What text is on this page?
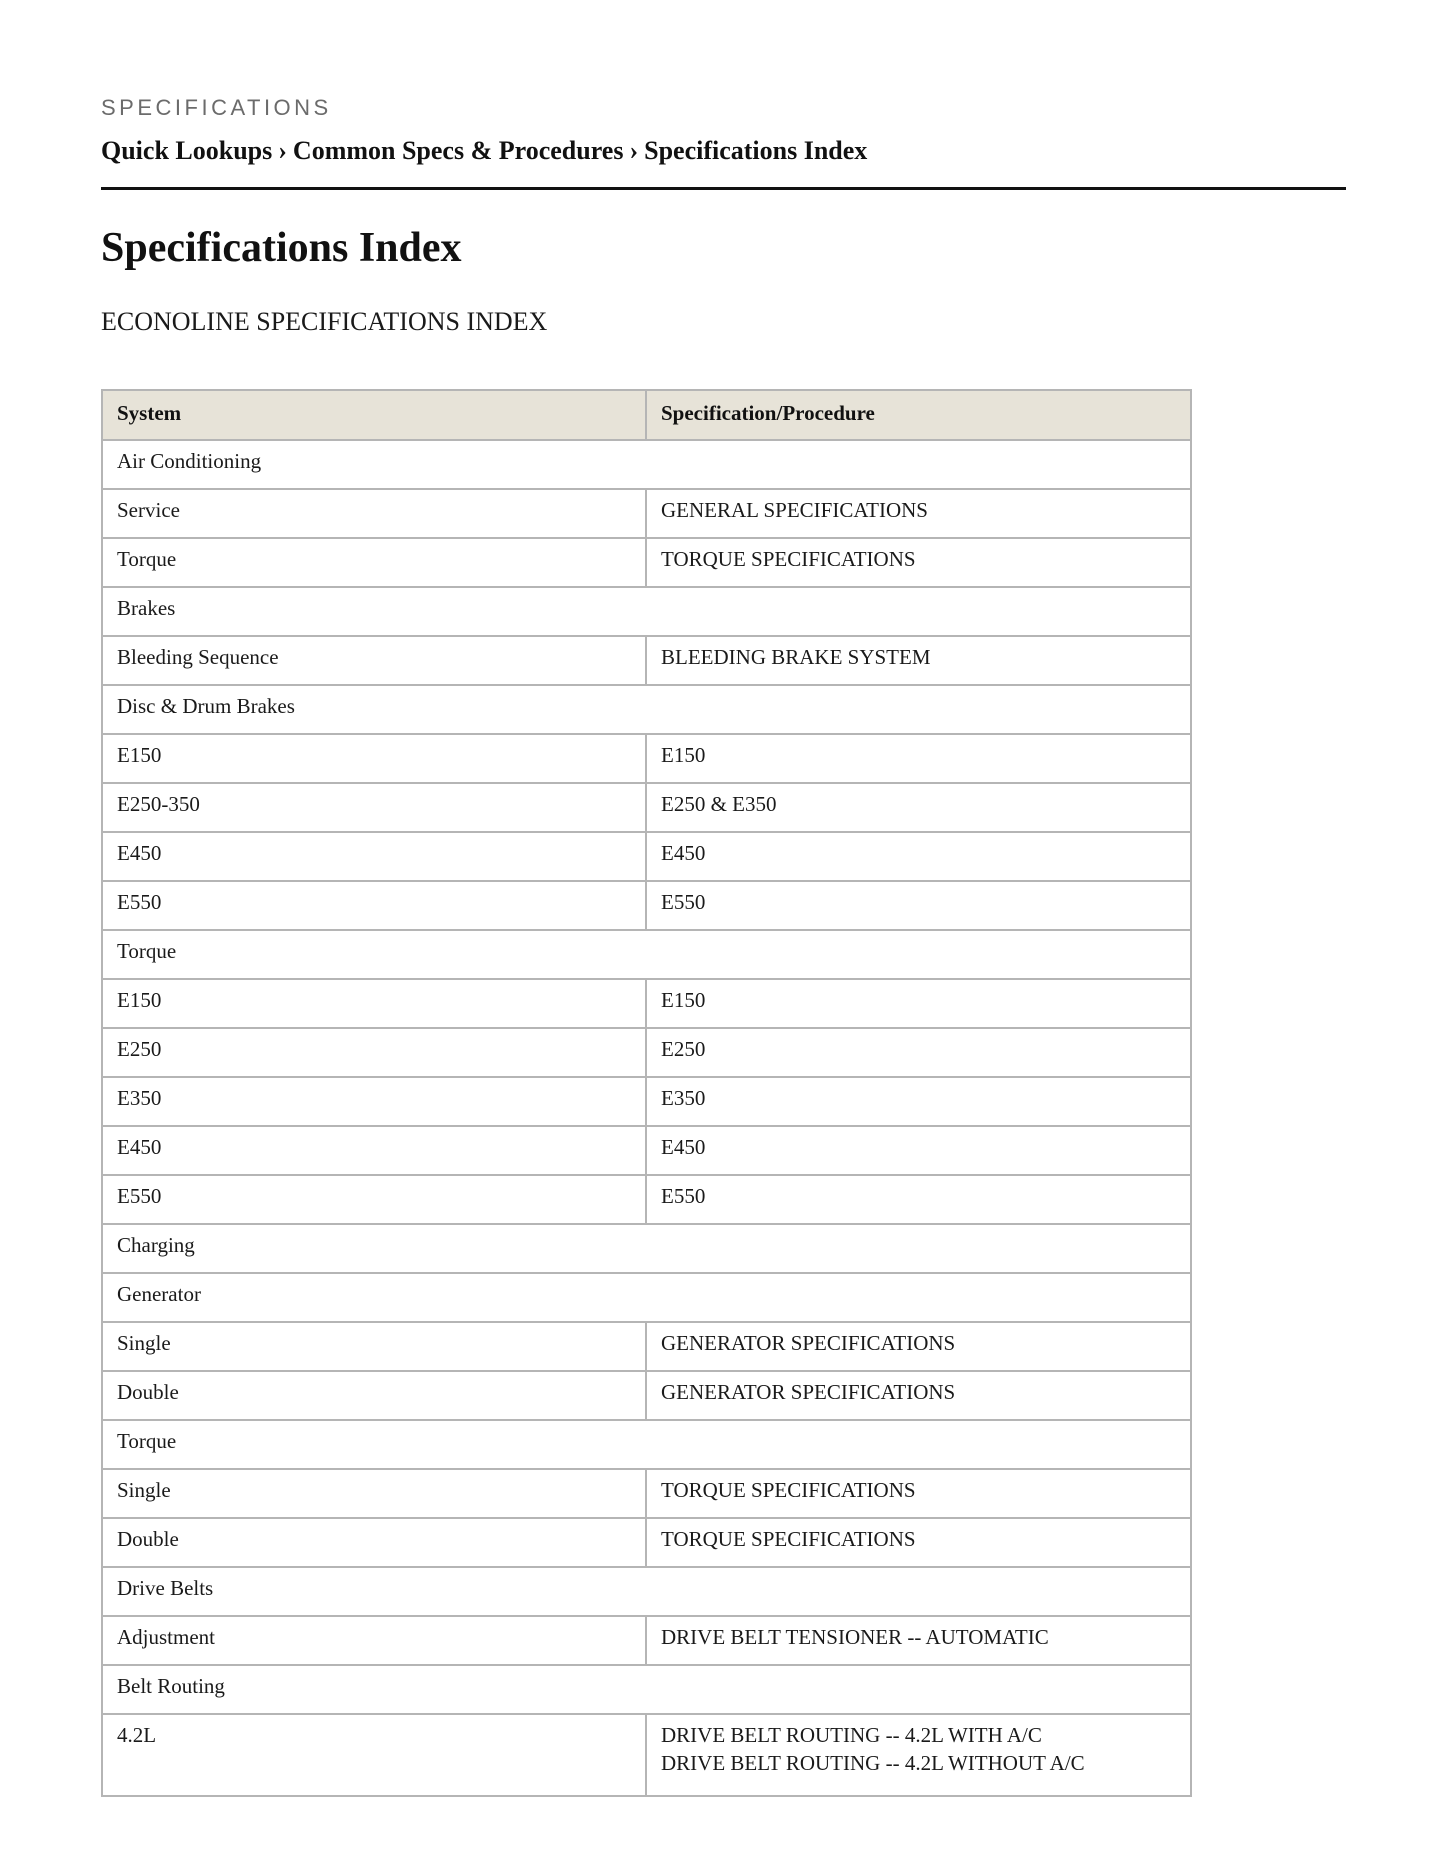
SPECIFICATIONS
Quick Lookups › Common Specs & Procedures › Specifications Index
Specifications Index
ECONOLINE SPECIFICATIONS INDEX
System	Specification/Procedure
Air Conditioning	
Service	GENERAL SPECIFICATIONS

Torque	TORQUE SPECIFICATIONS

Brakes	
Bleeding Sequence	BLEEDING BRAKE SYSTEM

Disc & Drum Brakes	
E150	E150

E250-350	E250 & E350

E450	E450

E550	E550

Torque	
E150	E150

E250	E250

E350	E350

E450	E450

E550	E550

Charging	
Generator	
Single	GENERATOR SPECIFICATIONS

Double	GENERATOR SPECIFICATIONS

Torque	
Single	TORQUE SPECIFICATIONS

Double	TORQUE SPECIFICATIONS

Drive Belts	
Adjustment	DRIVE BELT TENSIONER -- AUTOMATIC

Belt Routing	
4.2L	DRIVE BELT ROUTING -- 4.2L WITH A/C
DRIVE BELT ROUTING -- 4.2L WITHOUT A/C
